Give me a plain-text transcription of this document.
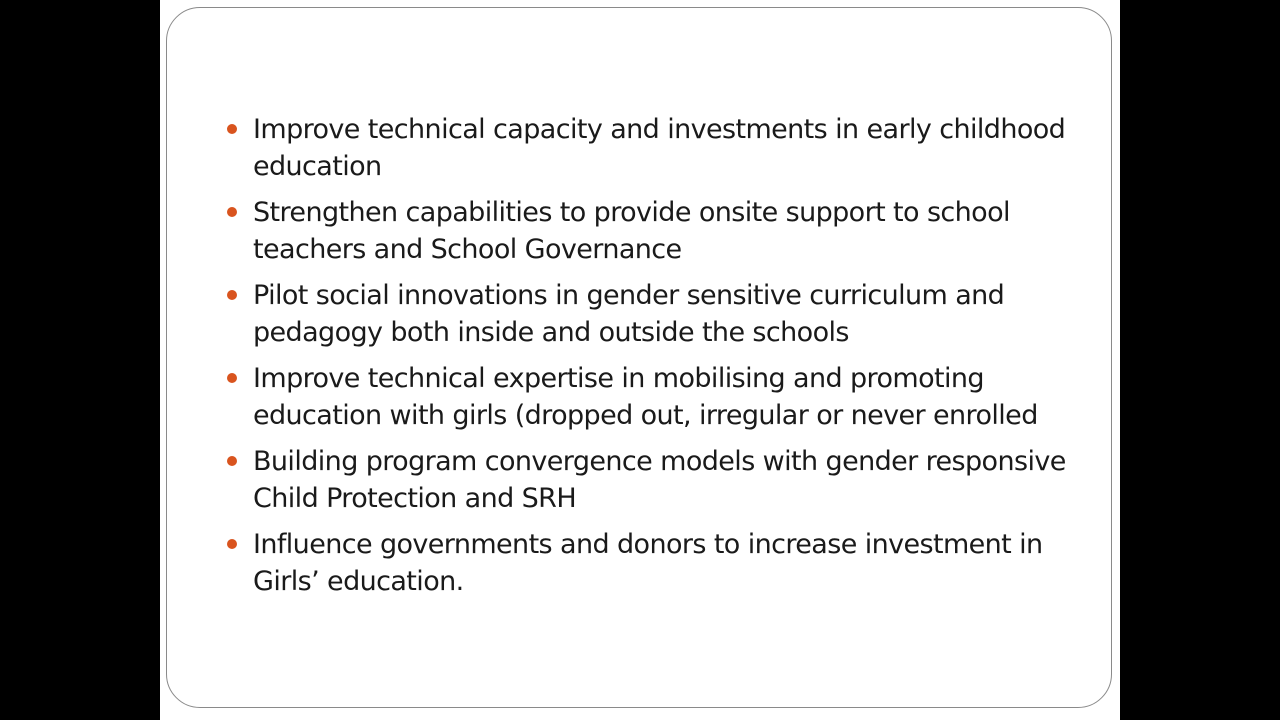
Improve technical capacity and investments in early childhood education
Strengthen capabilities to provide onsite support to school teachers and School Governance
Pilot social innovations in gender sensitive curriculum and pedagogy both inside and outside the schools
Improve technical expertise in mobilising and promoting education with girls (dropped out, irregular or never enrolled
Building program convergence models with gender responsive Child Protection and SRH
Influence governments and donors to increase investment in Girls’ education.
